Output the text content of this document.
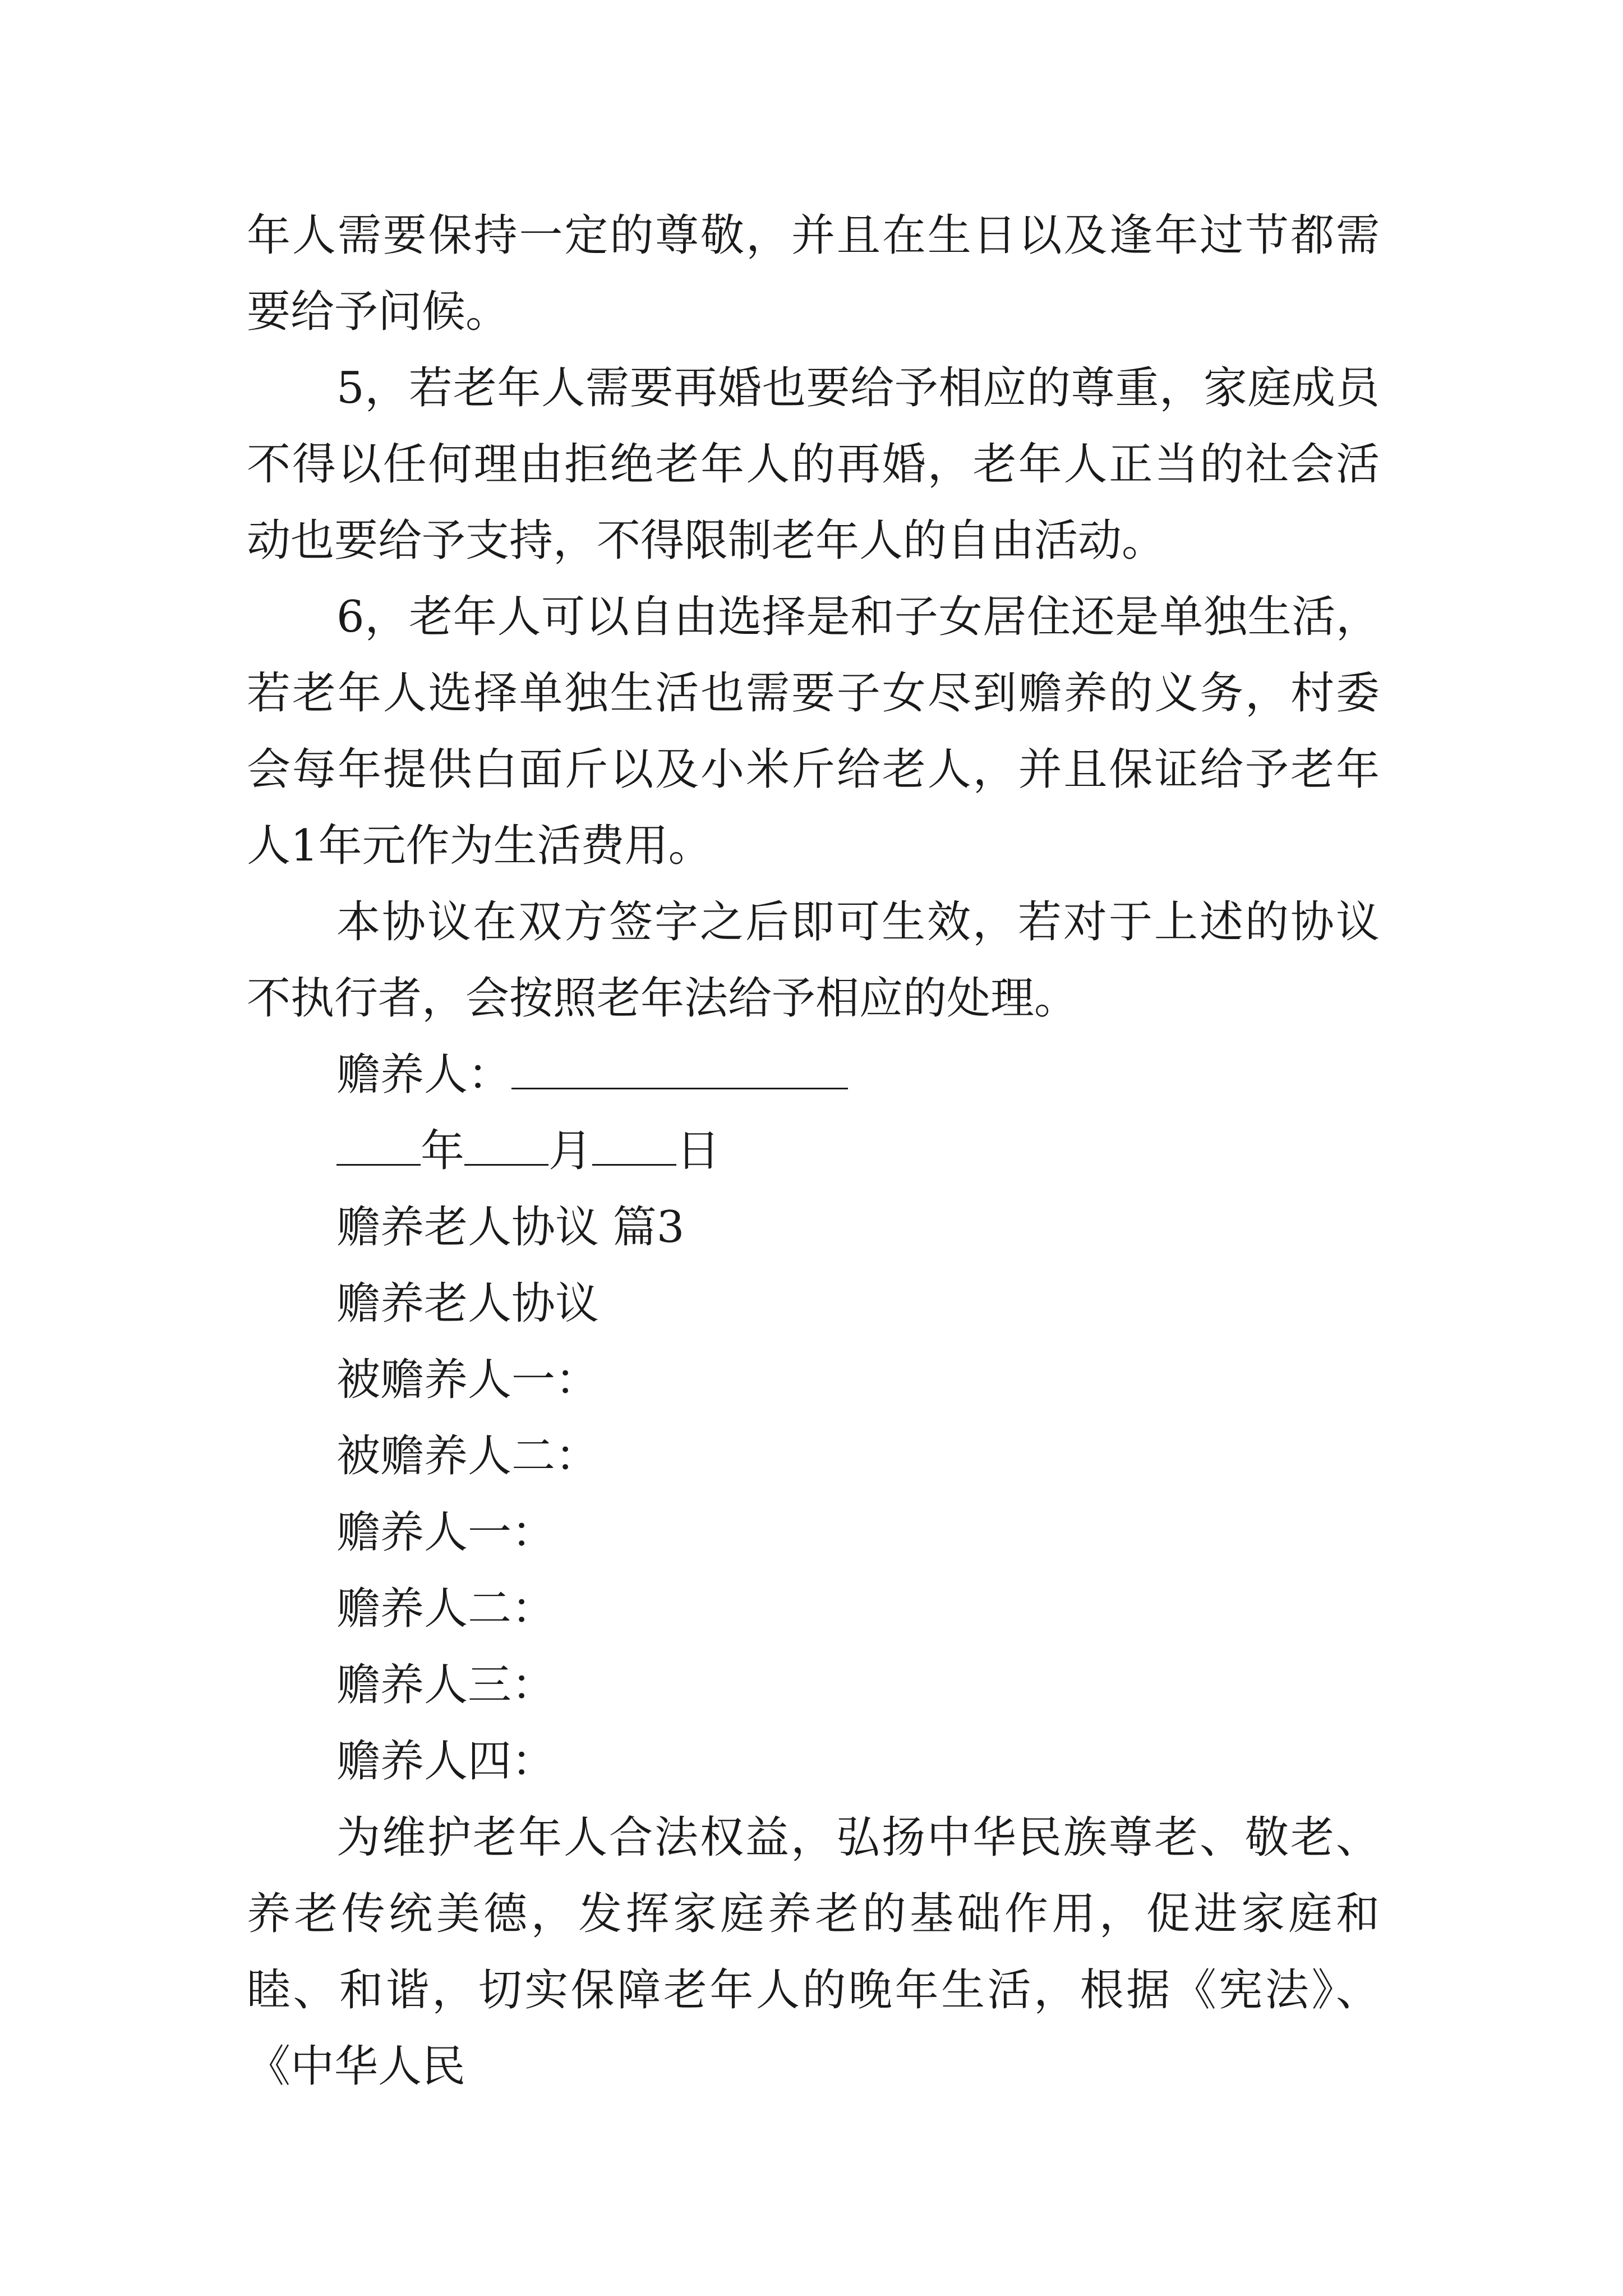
年人需要保持一定的尊敬，并且在生日以及逢年过节都需要给予问候。

5，若老年人需要再婚也要给予相应的尊重，家庭成员不得以任何理由拒绝老年人的再婚，老年人正当的社会活动也要给予支持，不得限制老年人的自由活动。

6，老年人可以自由选择是和子女居住还是单独生活，若老年人选择单独生活也需要子女尽到赡养的义务，村委会每年提供白面斤以及小米斤给老人，并且保证给予老年人1年元作为生活费用。

本协议在双方签字之后即可生效，若对于上述的协议不执行者，会按照老年法给予相应的处理。

赡养人：

年 月 日

赡养老人协议 篇3

赡养老人协议

被赡养人一：

被赡养人二：

赡养人一：

赡养人二：

赡养人三：

赡养人四：

为维护老年人合法权益，弘扬中华民族尊老、敬老、养老传统美德，发挥家庭养老的基础作用，促进家庭和睦、和谐，切实保障老年人的晚年生活，根据《宪法》、《中华人民
